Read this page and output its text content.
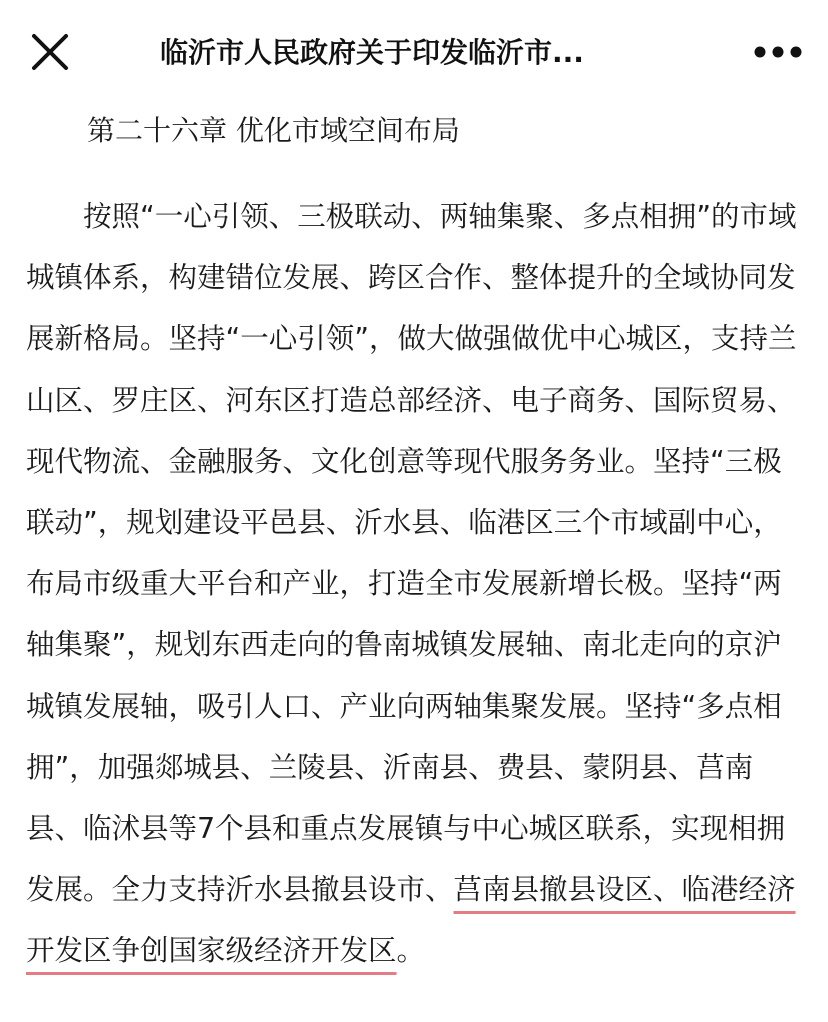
临沂市人民政府关于印发临沂市...
第二十六章 优化市域空间布局

按照“一心引领、三极联动、两轴集聚、多点相拥”的市域城镇体系，构建错位发展、跨区合作、整体提升的全域协同发展新格局。坚持“一心引领”，做大做强做优中心城区，支持兰山区、罗庄区、河东区打造总部经济、电子商务、国际贸易、现代物流、金融服务、文化创意等现代服务务业。坚持“三极联动”，规划建设平邑县、沂水县、临港区三个市域副中心，布局市级重大平台和产业，打造全市发展新增长极。坚持“两轴集聚”，规划东西走向的鲁南城镇发展轴、南北走向的京沪城镇发展轴，吸引人口、产业向两轴集聚发展。坚持“多点相拥”，加强郯城县、兰陵县、沂南县、费县、蒙阴县、莒南县、临沭县等7个县和重点发展镇与中心城区联系，实现相拥发展。全力支持沂水县撤县设市、莒南县撤县设区、临港经济开发区争创国家级经济开发区。
